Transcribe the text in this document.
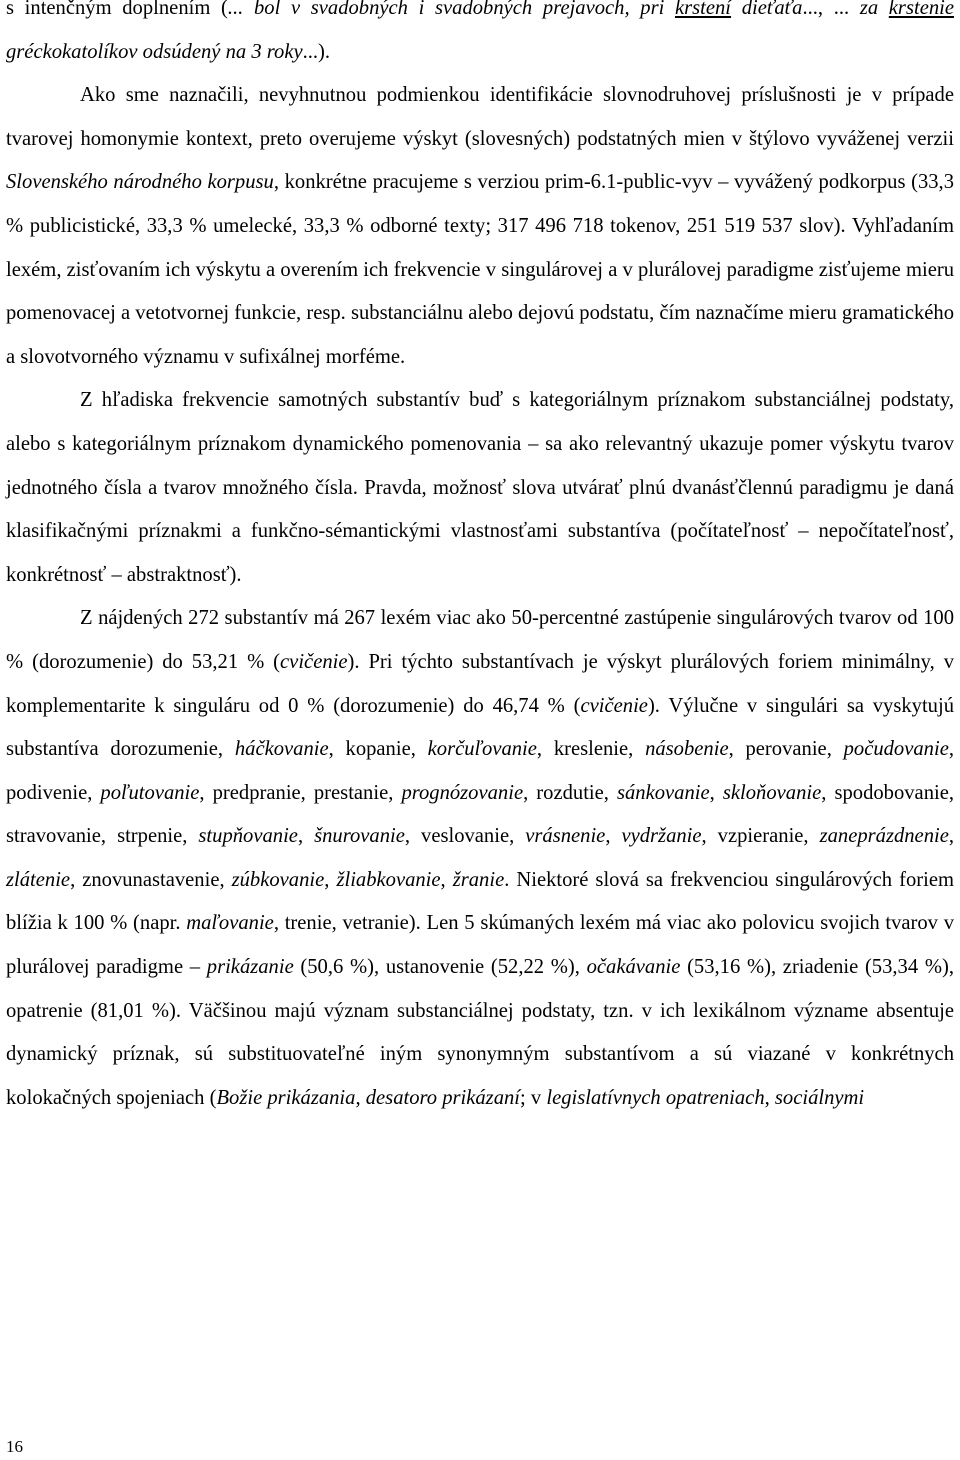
s intenčným doplnením (... bol v svadobných i svadobných prejavoch, pri krstení dieťaťa..., ... za krstenie gréckokatolíkov odsúdený na 3 roky...).

Ako sme naznačili, nevyhnutnou podmienkou identifikácie slovnodruhovej príslušnosti je v prípade tvarovej homonymie kontext, preto overujeme výskyt (slovesných) podstatných mien v štýlovo vyváženej verzii Slovenského národného korpusu, konkrétne pracujeme s verziou prim-6.1-public-vyv – vyvážený podkorpus (33,3 % publicistické, 33,3 % umelecké, 33,3 % odborné texty; 317 496 718 tokenov, 251 519 537 slov). Vyhľadaním lexém, zisťovaním ich výskytu a overením ich frekvencie v singulárovej a v plurálovej paradigme zisťujeme mieru pomenovacej a vetotvornej funkcie, resp. substanciálnu alebo dejovú podstatu, čím naznačíme mieru gramatického a slovotvorného významu v sufixálnej morféme.

Z hľadiska frekvencie samotných substantív buď s kategoriálnym príznakom substanciálnej podstaty, alebo s kategoriálnym príznakom dynamického pomenovania – sa ako relevantný ukazuje pomer výskytu tvarov jednotného čísla a tvarov množného čísla. Pravda, možnosť slova utvárať plnú dvanásťčlennú paradigmu je daná klasifikačnými príznakmi a funkčno-sémantickými vlastnosťami substantíva (počítateľnosť – nepočítateľnosť, konkrétnosť – abstraktnosť).

Z nájdených 272 substantív má 267 lexém viac ako 50-percentné zastúpenie singulárových tvarov od 100 % (dorozumenie) do 53,21 % (cvičenie). Pri týchto substantívach je výskyt plurálových foriem minimálny, v komplementarite k singuláru od 0 % (dorozumenie) do 46,74 % (cvičenie). Výlučne v singulári sa vyskytujú substantíva dorozumenie, háčkovanie, kopanie, korčuľovanie, kreslenie, násobenie, perovanie, počudovanie, podivenie, poľutovanie, predpranie, prestanie, prognózovanie, rozdutie, sánkovanie, skloňovanie, spodobovanie, stravovanie, strpenie, stupňovanie, šnurovanie, veslovanie, vrásnenie, vydržanie, vzpieranie, zaneprázdnenie, zlátenie, znovunastavenie, zúbkovanie, žliabkovanie, žranie. Niektoré slová sa frekvenciou singulárových foriem blížia k 100 % (napr. maľovanie, trenie, vetranie). Len 5 skúmaných lexém má viac ako polovicu svojich tvarov v plurálovej paradigme – prikázanie (50,6 %), ustanovenie (52,22 %), očakávanie (53,16 %), zriadenie (53,34 %), opatrenie (81,01 %). Väčšinou majú význam substanciálnej podstaty, tzn. v ich lexikálnom význame absentuje dynamický príznak, sú substituovateľné iným synonymným substantívom a sú viazané v konkrétnych kolokačných spojeniach (Božie prikázania, desatoro prikázaní; v legislatívnych opatreniach, sociálnymi

16
